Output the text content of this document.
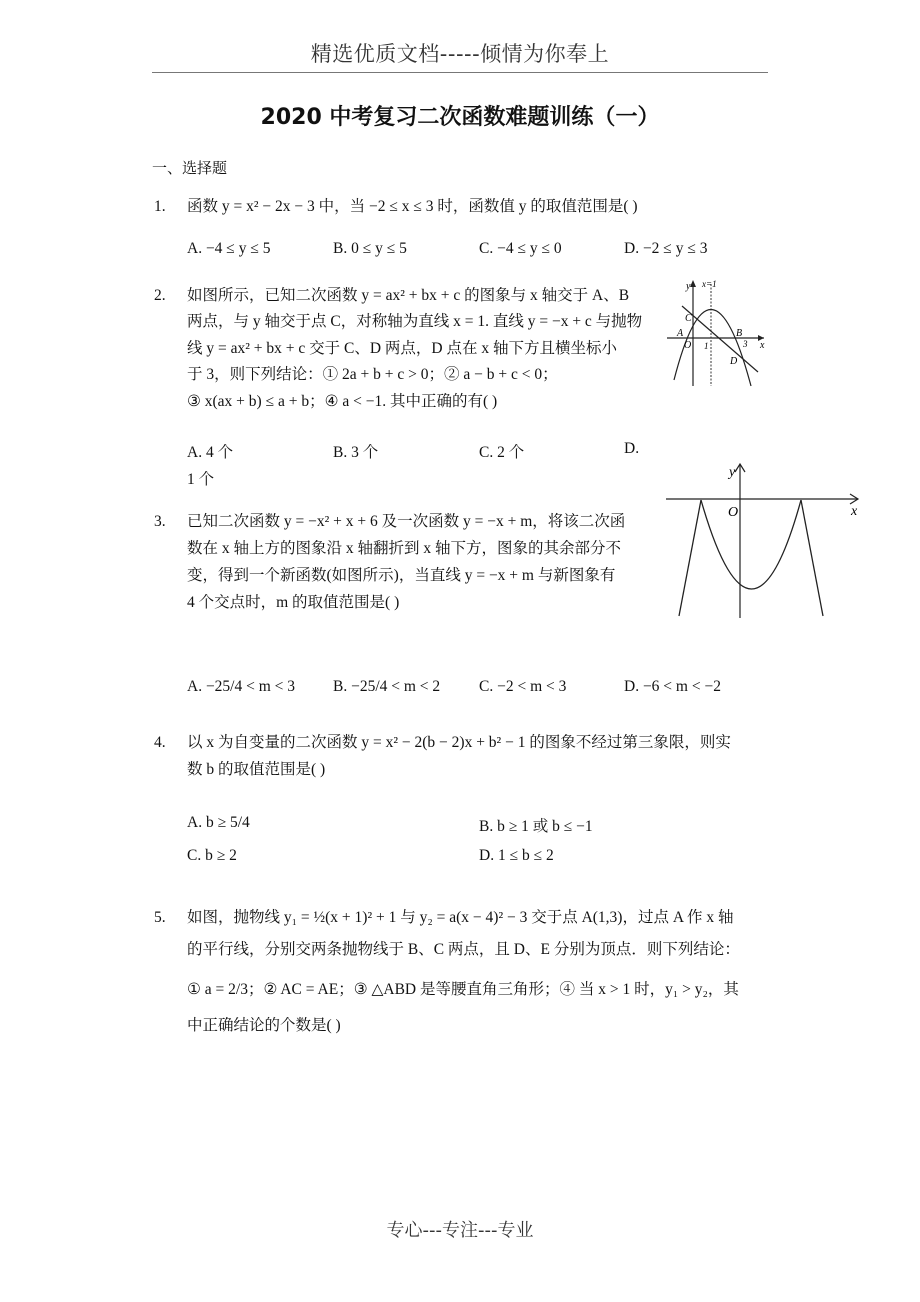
精选优质文档-----倾情为你奉上
2020 中考复习二次函数难题训练（一）
一、选择题
1. 函数 y = x² − 2x − 3 中，当 −2 ≤ x ≤ 3 时，函数值 y 的取值范围是( )
A. −4 ≤ y ≤ 5	B. 0 ≤ y ≤ 5	C. −4 ≤ y ≤ 0	D. −2 ≤ y ≤ 3
2. 如图所示，已知二次函数 y = ax² + bx + c 的图象与 x 轴交于 A、B
两点，与 y 轴交于点 C，对称轴为直线 x = 1. 直线 y = −x + c 与抛物
线 y = ax² + bx + c 交于 C、D 两点，D 点在 x 轴下方且横坐标小
于 3，则下列结论：① 2a + b + c > 0；② a − b + c < 0；
③ x(ax + b) ≤ a + b；④ a < −1. 其中正确的有( )
y x=1
C
A
O 1
B
3 x
D
A. 4 个	B. 3 个	C. 2 个	D.
1 个
3. 已知二次函数 y = −x² + x + 6 及一次函数 y = −x + m，将该二次函
数在 x 轴上方的图象沿 x 轴翻折到 x 轴下方，图象的其余部分不
变，得到一个新函数(如图所示)，当直线 y = −x + m 与新图象有
4 个交点时，m 的取值范围是( )
y
O	x
A. −25/4 < m < 3 B. −25/4 < m < 2	C. −2 < m < 3	D. −6 < m < −2
4. 以 x 为自变量的二次函数 y = x² − 2(b − 2)x + b² − 1 的图象不经过第三象限，则实
数 b 的取值范围是( )
A. b ≥ 5/4	B. b ≥ 1 或 b ≤ −1
C. b ≥ 2	D. 1 ≤ b ≤ 2
5. 如图，抛物线 y₁ = ½(x + 1)² + 1 与 y₂ = a(x − 4)² − 3 交于点 A(1,3)，过点 A 作 x 轴
的平行线，分别交两条抛物线于 B、C 两点，且 D、E 分别为顶点．则下列结论：
① a = 2/3；② AC = AE；③ △ABD 是等腰直角三角形；④ 当 x > 1 时，y₁ > y₂，其
中正确结论的个数是( )
专心---专注---专业
